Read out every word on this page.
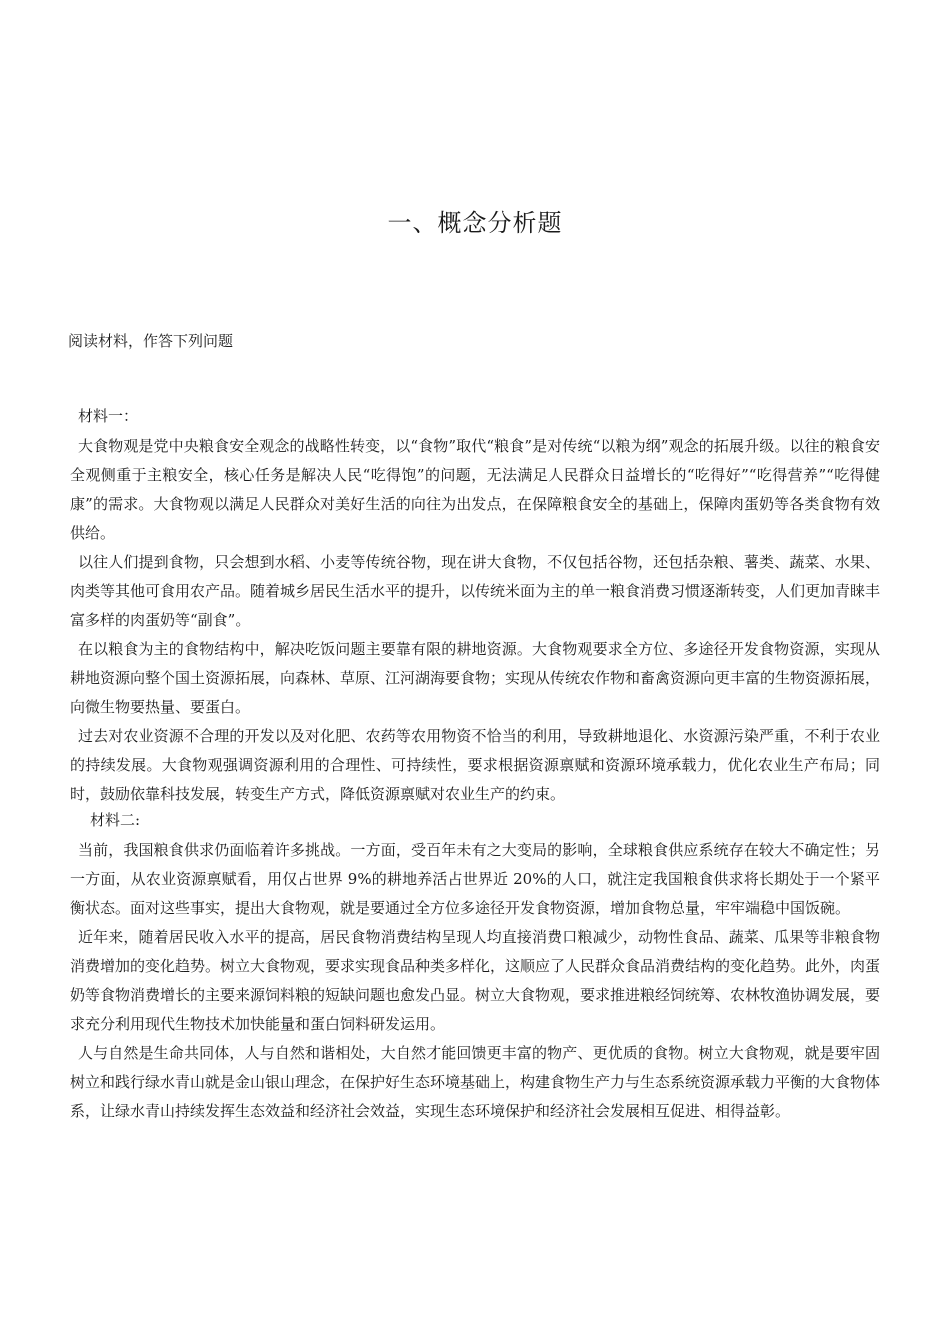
一、概念分析题
阅读材料，作答下列问题
材料一：

大食物观是党中央粮食安全观念的战略性转变，以“食物”取代“粮食”是对传统“以粮为纲”观念的拓展升级。以往的粮食安全观侧重于主粮安全，核心任务是解决人民“吃得饱”的问题，无法满足人民群众日益增长的“吃得好”“吃得营养”“吃得健康”的需求。大食物观以满足人民群众对美好生活的向往为出发点，在保障粮食安全的基础上，保障肉蛋奶等各类食物有效供给。

以往人们提到食物，只会想到水稻、小麦等传统谷物，现在讲大食物，不仅包括谷物，还包括杂粮、薯类、蔬菜、水果、肉类等其他可食用农产品。随着城乡居民生活水平的提升，以传统米面为主的单一粮食消费习惯逐渐转变，人们更加青睐丰富多样的肉蛋奶等“副食”。

在以粮食为主的食物结构中，解决吃饭问题主要靠有限的耕地资源。大食物观要求全方位、多途径开发食物资源，实现从耕地资源向整个国土资源拓展，向森林、草原、江河湖海要食物；实现从传统农作物和畜禽资源向更丰富的生物资源拓展，向微生物要热量、要蛋白。

过去对农业资源不合理的开发以及对化肥、农药等农用物资不恰当的利用，导致耕地退化、水资源污染严重，不利于农业的持续发展。大食物观强调资源利用的合理性、可持续性，要求根据资源禀赋和资源环境承载力，优化农业生产布局；同时，鼓励依靠科技发展，转变生产方式，降低资源禀赋对农业生产的约束。

材料二:

当前，我国粮食供求仍面临着许多挑战。一方面，受百年未有之大变局的影响，全球粮食供应系统存在较大不确定性；另一方面，从农业资源禀赋看，用仅占世界 9%的耕地养活占世界近 20%的人口，就注定我国粮食供求将长期处于一个紧平衡状态。面对这些事实，提出大食物观，就是要通过全方位多途径开发食物资源，增加食物总量，牢牢端稳中国饭碗。

近年来，随着居民收入水平的提高，居民食物消费结构呈现人均直接消费口粮减少，动物性食品、蔬菜、瓜果等非粮食物消费增加的变化趋势。树立大食物观，要求实现食品种类多样化，这顺应了人民群众食品消费结构的变化趋势。此外，肉蛋奶等食物消费增长的主要来源饲料粮的短缺问题也愈发凸显。树立大食物观，要求推进粮经饲统筹、农林牧渔协调发展，要求充分利用现代生物技术加快能量和蛋白饲料研发运用。

人与自然是生命共同体，人与自然和谐相处，大自然才能回馈更丰富的物产、更优质的食物。树立大食物观，就是要牢固树立和践行绿水青山就是金山银山理念，在保护好生态环境基础上，构建食物生产力与生态系统资源承载力平衡的大食物体系，让绿水青山持续发挥生态效益和经济社会效益，实现生态环境保护和经济社会发展相互促进、相得益彰。
